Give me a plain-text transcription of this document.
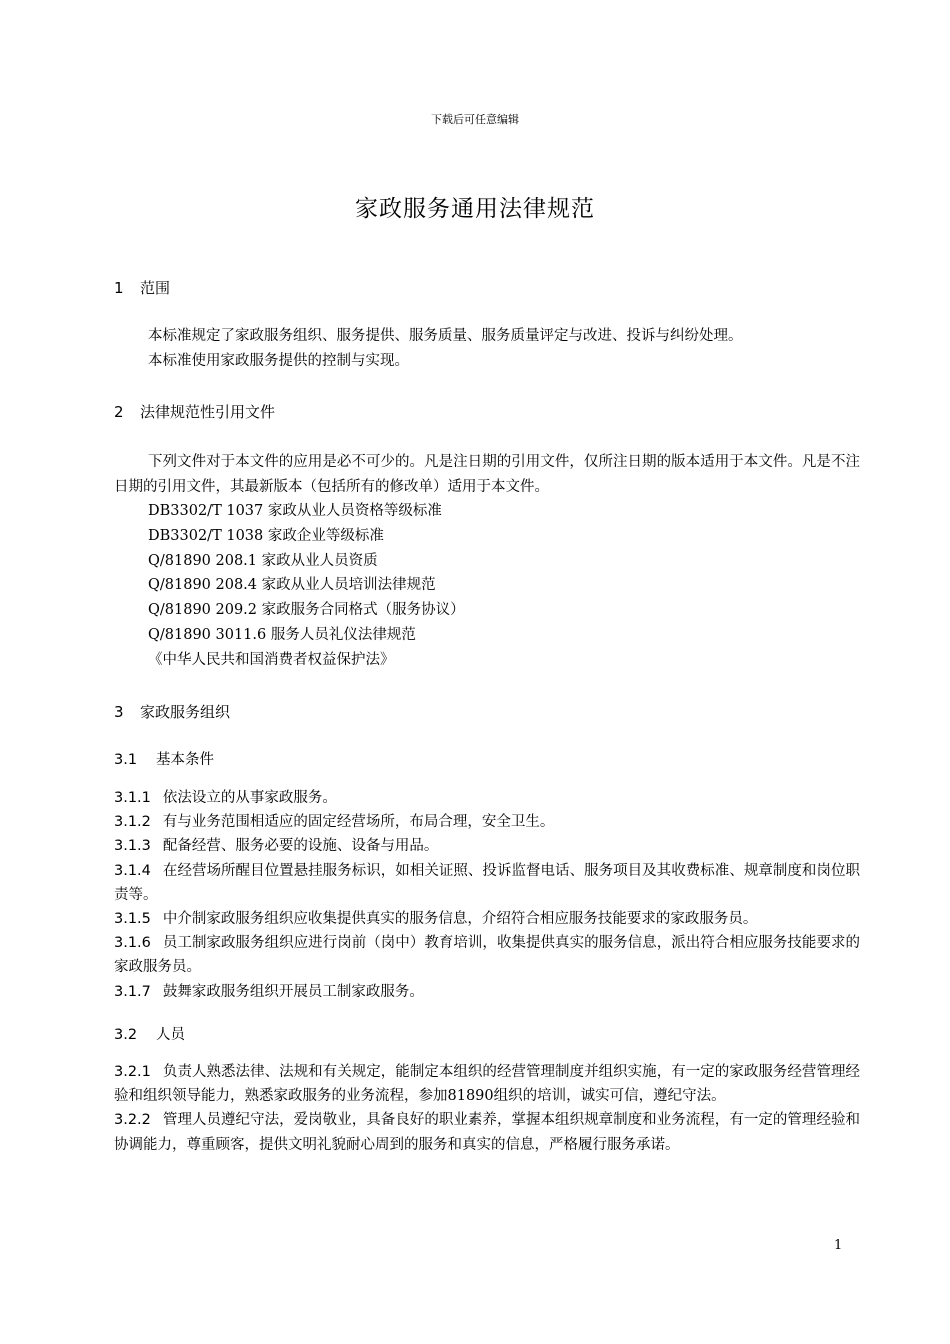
下载后可任意编辑
家政服务通用法律规范
1 范围
本标准规定了家政服务组织、服务提供、服务质量、服务质量评定与改进、投诉与纠纷处理。
本标准使用家政服务提供的控制与实现。
2 法律规范性引用文件
下列文件对于本文件的应用是必不可少的。凡是注日期的引用文件，仅所注日期的版本适用于本文件。凡是不注日期的引用文件，其最新版本（包括所有的修改单）适用于本文件。
DB3302/T 1037 家政从业人员资格等级标准
DB3302/T 1038 家政企业等级标准
Q/81890 208.1 家政从业人员资质
Q/81890 208.4 家政从业人员培训法律规范
Q/81890 209.2 家政服务合同格式（服务协议）
Q/81890 3011.6 服务人员礼仪法律规范
《中华人民共和国消费者权益保护法》
3 家政服务组织
3.1 基本条件
3.1.1 依法设立的从事家政服务。
3.1.2 有与业务范围相适应的固定经营场所，布局合理，安全卫生。
3.1.3 配备经营、服务必要的设施、设备与用品。
3.1.4 在经营场所醒目位置悬挂服务标识，如相关证照、投诉监督电话、服务项目及其收费标准、规章制度和岗位职责等。
3.1.5 中介制家政服务组织应收集提供真实的服务信息，介绍符合相应服务技能要求的家政服务员。
3.1.6 员工制家政服务组织应进行岗前（岗中）教育培训，收集提供真实的服务信息，派出符合相应服务技能要求的家政服务员。
3.1.7 鼓舞家政服务组织开展员工制家政服务。
3.2 人员
3.2.1 负责人熟悉法律、法规和有关规定，能制定本组织的经营管理制度并组织实施，有一定的家政服务经营管理经验和组织领导能力，熟悉家政服务的业务流程，参加81890组织的培训，诚实可信，遵纪守法。
3.2.2 管理人员遵纪守法，爱岗敬业，具备良好的职业素养，掌握本组织规章制度和业务流程，有一定的管理经验和协调能力，尊重顾客，提供文明礼貌耐心周到的服务和真实的信息，严格履行服务承诺。
1
